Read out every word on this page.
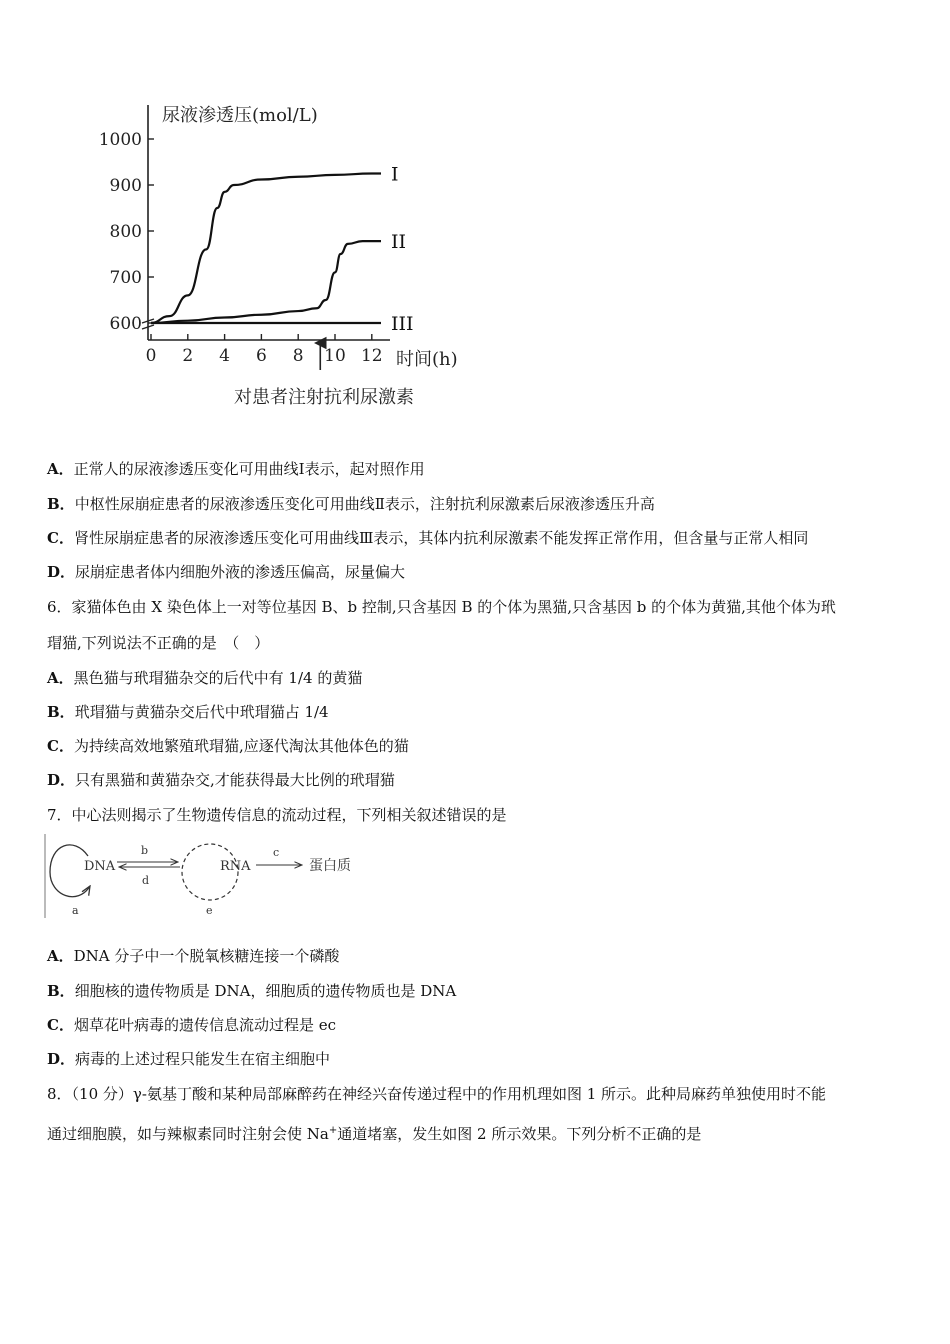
600
700
800
900
1000
0 2 4 6 8 10 12
I
II
III
尿液渗透压(mol/L)
时间(h)
对患者注射抗利尿激素
A．正常人的尿液渗透压变化可用曲线I表示，起对照作用
B．中枢性尿崩症患者的尿液渗透压变化可用曲线Ⅱ表示，注射抗利尿激素后尿液渗透压升高
C．肾性尿崩症患者的尿液渗透压变化可用曲线Ⅲ表示，其体内抗利尿激素不能发挥正常作用，但含量与正常人相同
D．尿崩症患者体内细胞外液的渗透压偏高，尿量偏大
6．家猫体色由 X 染色体上一对等位基因 B、b 控制,只含基因 B 的个体为黑猫,只含基因 b 的个体为黄猫,其他个体为玳
瑁猫,下列说法不正确的是　（　）
A．黑色猫与玳瑁猫杂交的后代中有 1/4 的黄猫
B．玳瑁猫与黄猫杂交后代中玳瑁猫占 1/4
C．为持续高效地繁殖玳瑁猫,应逐代淘汰其他体色的猫
D．只有黑猫和黄猫杂交,才能获得最大比例的玳瑁猫
7．中心法则揭示了生物遗传信息的流动过程，下列相关叙述错误的是
DNA
b
d
RNA
c
蛋白质
a	e
A．DNA 分子中一个脱氧核糖连接一个磷酸
B．细胞核的遗传物质是 DNA，细胞质的遗传物质也是 DNA
C．烟草花叶病毒的遗传信息流动过程是 ec
D．病毒的上述过程只能发生在宿主细胞中
8．（10 分）γ-氨基丁酸和某种局部麻醉药在神经兴奋传递过程中的作用机理如图 1 所示。此种局麻药单独使用时不能
通过细胞膜，如与辣椒素同时注射会使 Na+通道堵塞，发生如图 2 所示效果。下列分析不正确的是
